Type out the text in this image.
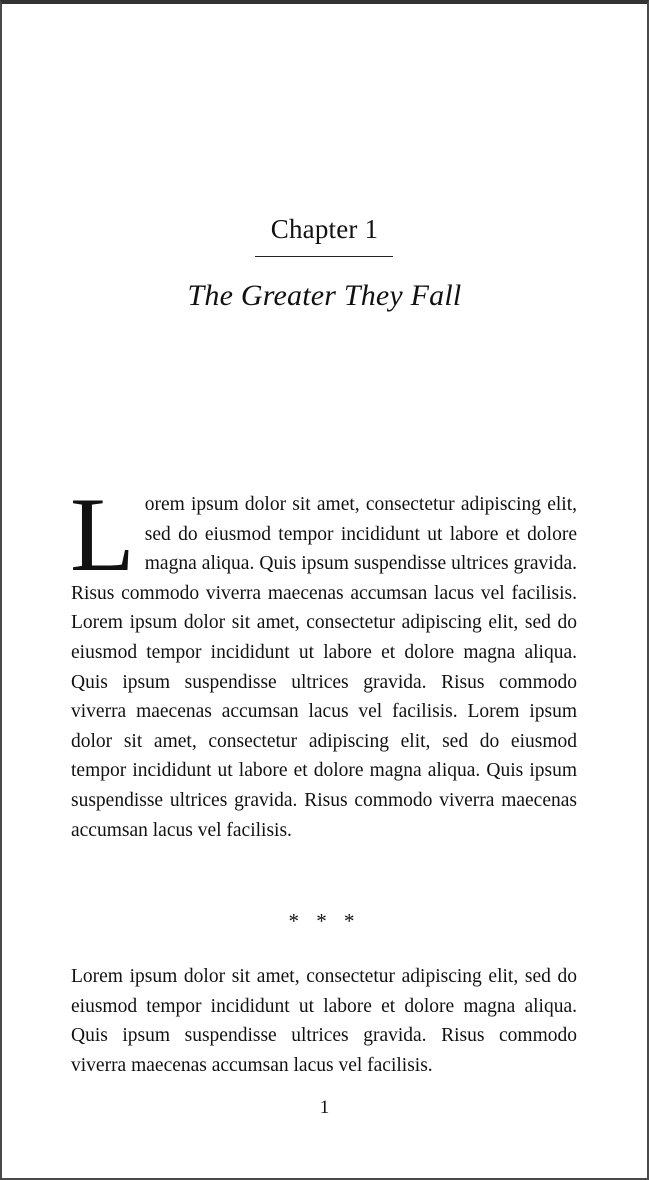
Chapter 1
The Greater They Fall

Lorem ipsum dolor sit amet, consectetur adipiscing elit, sed do eiusmod tempor incididunt ut labore et dolore magna aliqua. Quis ipsum suspendisse ultrices gravida. Risus commodo viverra maecenas accumsan lacus vel facilisis. Lorem ipsum dolor sit amet, consectetur adipiscing elit, sed do eiusmod tempor incididunt ut labore et dolore magna aliqua. Quis ipsum suspendisse ultrices gravida. Risus commodo viverra maecenas accumsan lacus vel facilisis. Lorem ipsum dolor sit amet, consectetur adipiscing elit, sed do eiusmod tempor incididunt ut labore et dolore magna aliqua. Quis ipsum suspendisse ultrices gravida. Risus commodo viverra maecenas accumsan lacus vel facilisis.

* * *

Lorem ipsum dolor sit amet, consectetur adipiscing elit, sed do eiusmod tempor incididunt ut labore et dolore magna aliqua. Quis ipsum suspendisse ultrices gravida. Risus commodo viverra maecenas accumsan lacus vel facilisis.

1
